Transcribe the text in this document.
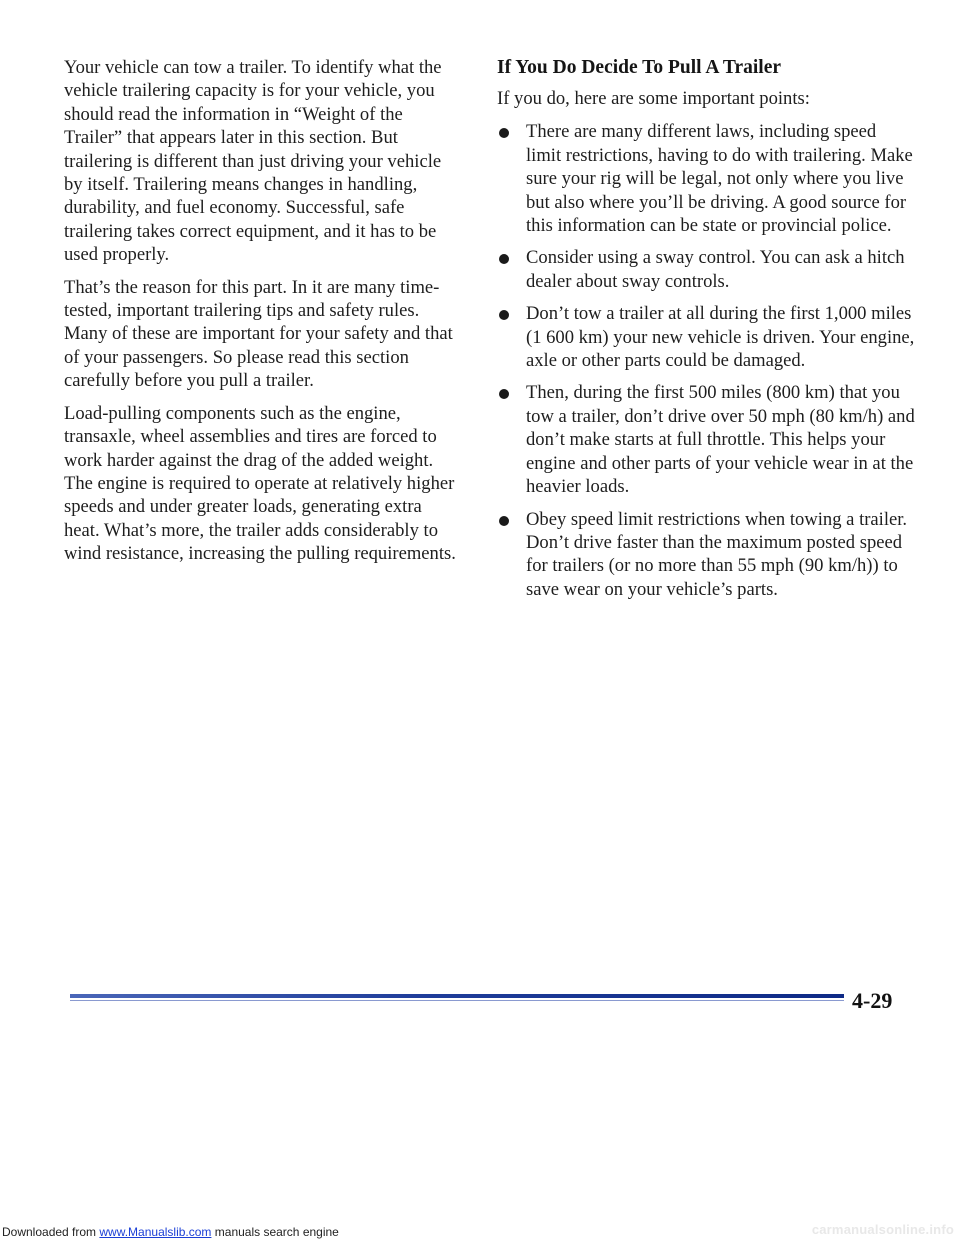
Your vehicle can tow a trailer. To identify what the vehicle trailering capacity is for your vehicle, you should read the information in “Weight of the Trailer” that appears later in this section. But trailering is different than just driving your vehicle by itself. Trailering means changes in handling, durability, and fuel economy. Successful, safe trailering takes correct equipment, and it has to be used properly.

That’s the reason for this part. In it are many time-tested, important trailering tips and safety rules. Many of these are important for your safety and that of your passengers. So please read this section carefully before you pull a trailer.

Load-pulling components such as the engine, transaxle, wheel assemblies and tires are forced to work harder against the drag of the added weight. The engine is required to operate at relatively higher speeds and under greater loads, generating extra heat. What’s more, the trailer adds considerably to wind resistance, increasing the pulling requirements.

If You Do Decide To Pull A Trailer

If you do, here are some important points:

There are many different laws, including speed limit restrictions, having to do with trailering. Make sure your rig will be legal, not only where you live but also where you’ll be driving. A good source for this information can be state or provincial police.
Consider using a sway control. You can ask a hitch dealer about sway controls.
Don’t tow a trailer at all during the first 1,000 miles (1 600 km) your new vehicle is driven. Your engine, axle or other parts could be damaged.
Then, during the first 500 miles (800 km) that you tow a trailer, don’t drive over 50 mph (80 km/h) and don’t make starts at full throttle. This helps your engine and other parts of your vehicle wear in at the heavier loads.
Obey speed limit restrictions when towing a trailer. Don’t drive faster than the maximum posted speed for trailers (or no more than 55 mph (90 km/h)) to save wear on your vehicle’s parts.
4-29
Downloaded from www.Manualslib.com manuals search engine	carmanualsonline.info
